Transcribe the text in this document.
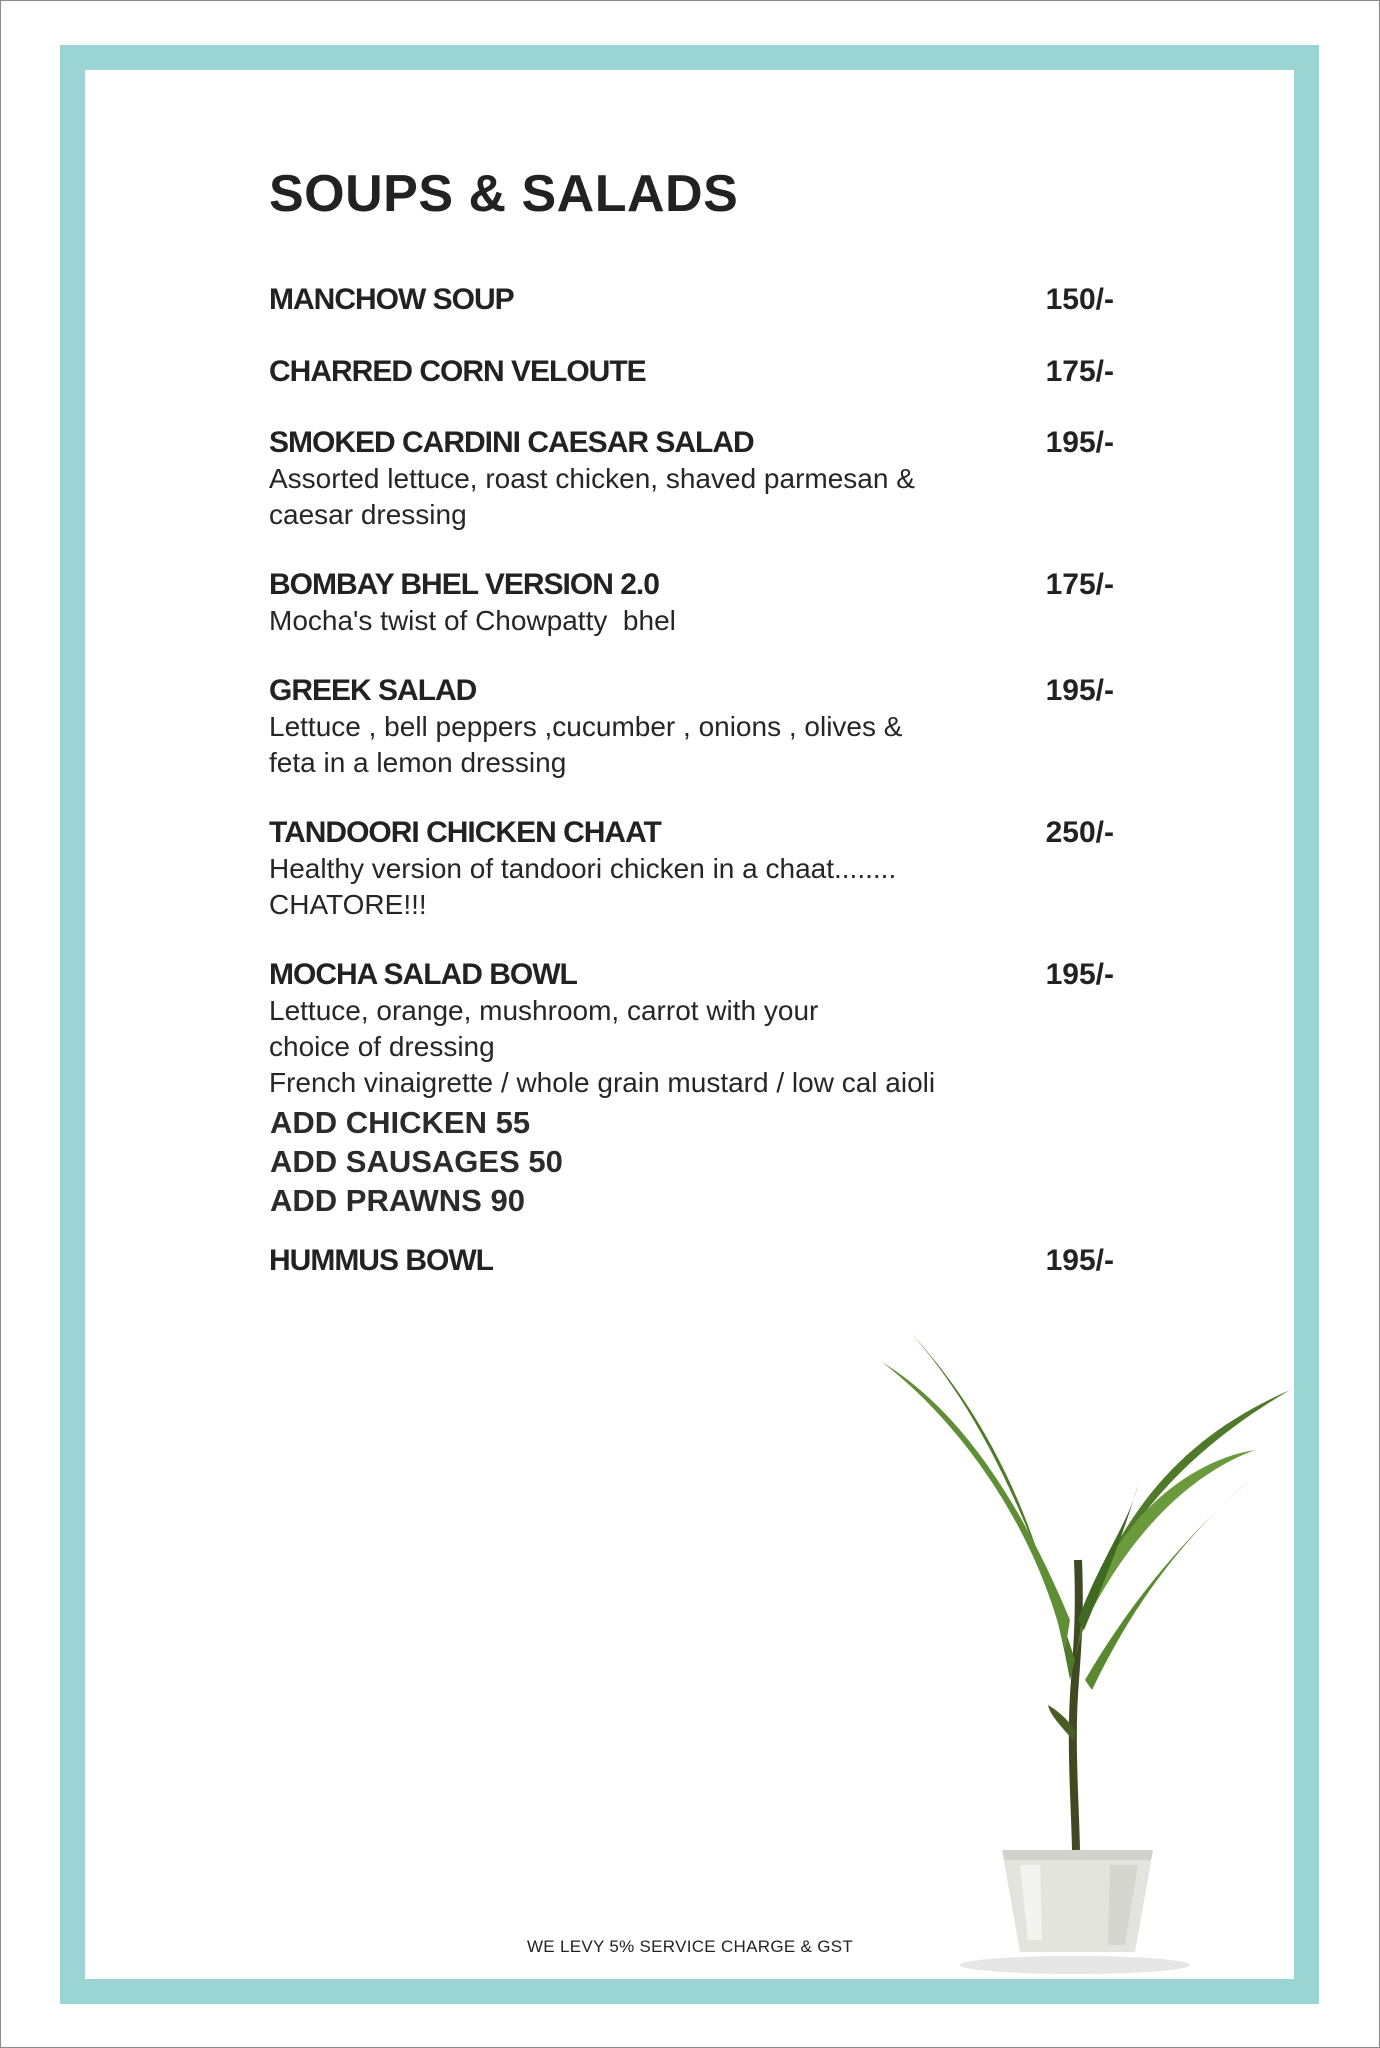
SOUPS & SALADS
MANCHOW SOUP	150/-
CHARRED CORN VELOUTE	175/-
SMOKED CARDINI CAESAR SALAD	195/-
Assorted lettuce, roast chicken, shaved parmesan &
caesar dressing
BOMBAY BHEL VERSION 2.0	175/-
Mocha's twist of Chowpatty  bhel
GREEK SALAD	195/-
Lettuce , bell peppers ,cucumber , onions , olives &
feta in a lemon dressing
TANDOORI CHICKEN CHAAT	250/-
Healthy version of tandoori chicken in a chaat........
CHATORE!!!
MOCHA SALAD BOWL	195/-
Lettuce, orange, mushroom, carrot with your
choice of dressing
French vinaigrette / whole grain mustard / low cal aioli
ADD CHICKEN 55
ADD SAUSAGES 50
ADD PRAWNS 90
HUMMUS BOWL	195/-
WE LEVY 5% SERVICE CHARGE & GST
